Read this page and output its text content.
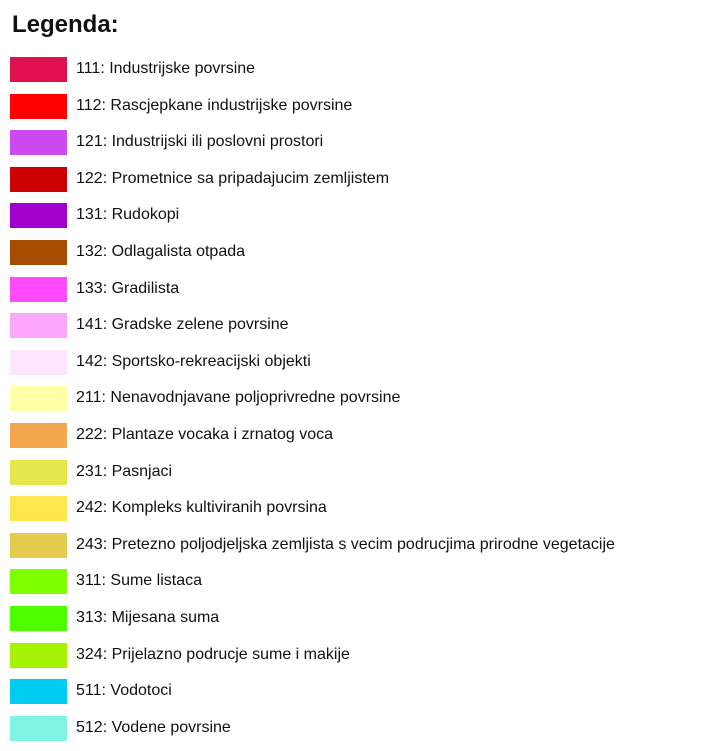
Legenda:
111: Industrijske povrsine
112: Rascjepkane industrijske povrsine
121: Industrijski ili poslovni prostori
122: Prometnice sa pripadajucim zemljistem
131: Rudokopi
132: Odlagalista otpada
133: Gradilista
141: Gradske zelene povrsine
142: Sportsko-rekreacijski objekti
211: Nenavodnjavane poljoprivredne povrsine
222: Plantaze vocaka i zrnatog voca
231: Pasnjaci
242: Kompleks kultiviranih povrsina
243: Pretezno poljodjeljska zemljista s vecim podrucjima prirodne vegetacije
311: Sume listaca
313: Mijesana suma
324: Prijelazno podrucje sume i makije
511: Vodotoci
512: Vodene povrsine
